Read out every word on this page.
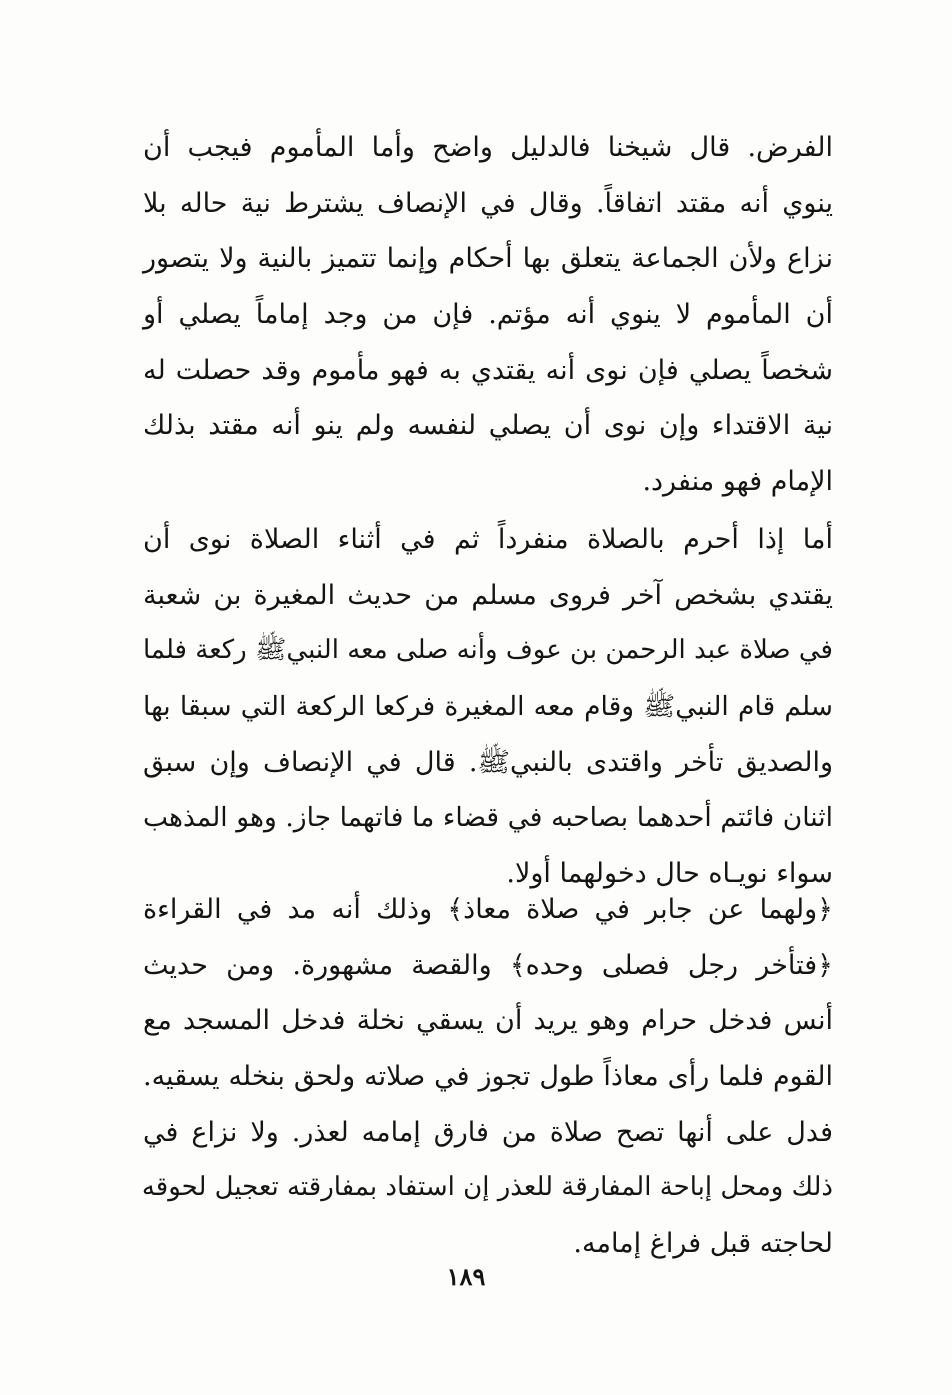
الفرض. قال شيخنا فالدليل واضح وأما المأموم فيجب أن
ينوي أنه مقتد اتفاقاً. وقال في الإنصاف يشترط نية حاله بلا
نزاع ولأن الجماعة يتعلق بها أحكام وإنما تتميز بالنية ولا يتصور
أن المأموم لا ينوي أنه مؤتم. فإن من وجد إماماً يصلي أو
شخصاً يصلي فإن نوى أنه يقتدي به فهو مأموم وقد حصلت له
نية الاقتداء وإن نوى أن يصلي لنفسه ولم ينو أنه مقتد بذلك
الإمام فهو منفرد.
أما إذا أحرم بالصلاة منفرداً ثم في أثناء الصلاة نوى أن
يقتدي بشخص آخر فروى مسلم من حديث المغيرة بن شعبة
في صلاة عبد الرحمن بن عوف وأنه صلى معه النبيﷺ ركعة فلما
سلم قام النبيﷺ وقام معه المغيرة فركعا الركعة التي سبقا بها
والصديق تأخر واقتدى بالنبيﷺ. قال في الإنصاف وإن سبق
اثنان فائتم أحدهما بصاحبه في قضاء ما فاتهما جاز. وهو المذهب
سواء نويـاه حال دخولهما أولا.
﴿ولهما عن جابر في صلاة معاذ﴾ وذلك أنه مد في القراءة
﴿فتأخر رجل فصلى وحده﴾ والقصة مشهورة. ومن حديث
أنس فدخل حرام وهو يريد أن يسقي نخلة فدخل المسجد مع
القوم فلما رأى معاذاً طول تجوز في صلاته ولحق بنخله يسقيه.
فدل على أنها تصح صلاة من فارق إمامه لعذر. ولا نزاع في
ذلك ومحل إباحة المفارقة للعذر إن استفاد بمفارقته تعجيل لحوقه
لحاجته قبل فراغ إمامه.
١٨٩
